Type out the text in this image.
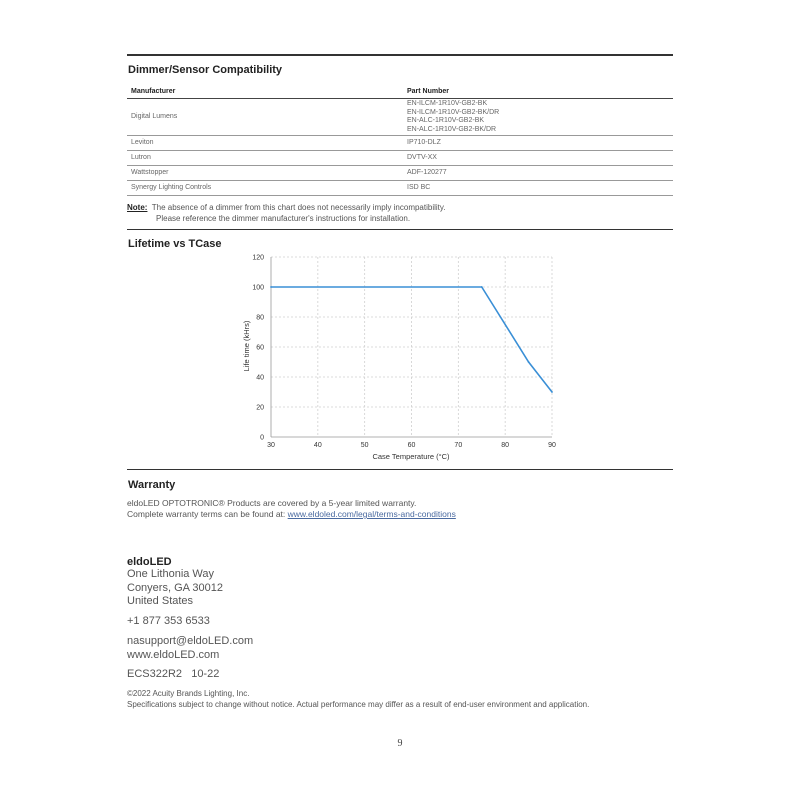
Dimmer/Sensor Compatibility
Manufacturer	Part Number
Digital Lumens	EN-ILCM-1R10V-GB2-BK
EN-ILCM-1R10V-GB2-BK/DR
EN-ALC-1R10V-GB2-BK
EN-ALC-1R10V-GB2-BK/DR

Leviton	IP710-DLZ
Lutron	DVTV-XX
Wattstopper	ADF-120277
Synergy Lighting Controls	ISD BC
Note: The absence of a dimmer from this chart does not necessarily imply incompatibility.
Please reference the dimmer manufacturer's instructions for installation.
Lifetime vs TCase
Case Temperature (°C)
Life time (kHrs)
0
20
40
60
80
100
120
30	40	50	60	70	80	90
Warranty
eldoLED OPTOTRONIC® Products are covered by a 5-year limited warranty.
Complete warranty terms can be found at: www.eldoled.com/legal/terms-and-conditions
eldoLED
One Lithonia Way
Conyers, GA 30012
United States
+1 877 353 6533
nasupport@eldoLED.com
www.eldoLED.com
ECS322R2   10-22
©2022 Acuity Brands Lighting, Inc.
Specifications subject to change without notice. Actual performance may differ as a result of end-user environment and application.
9
